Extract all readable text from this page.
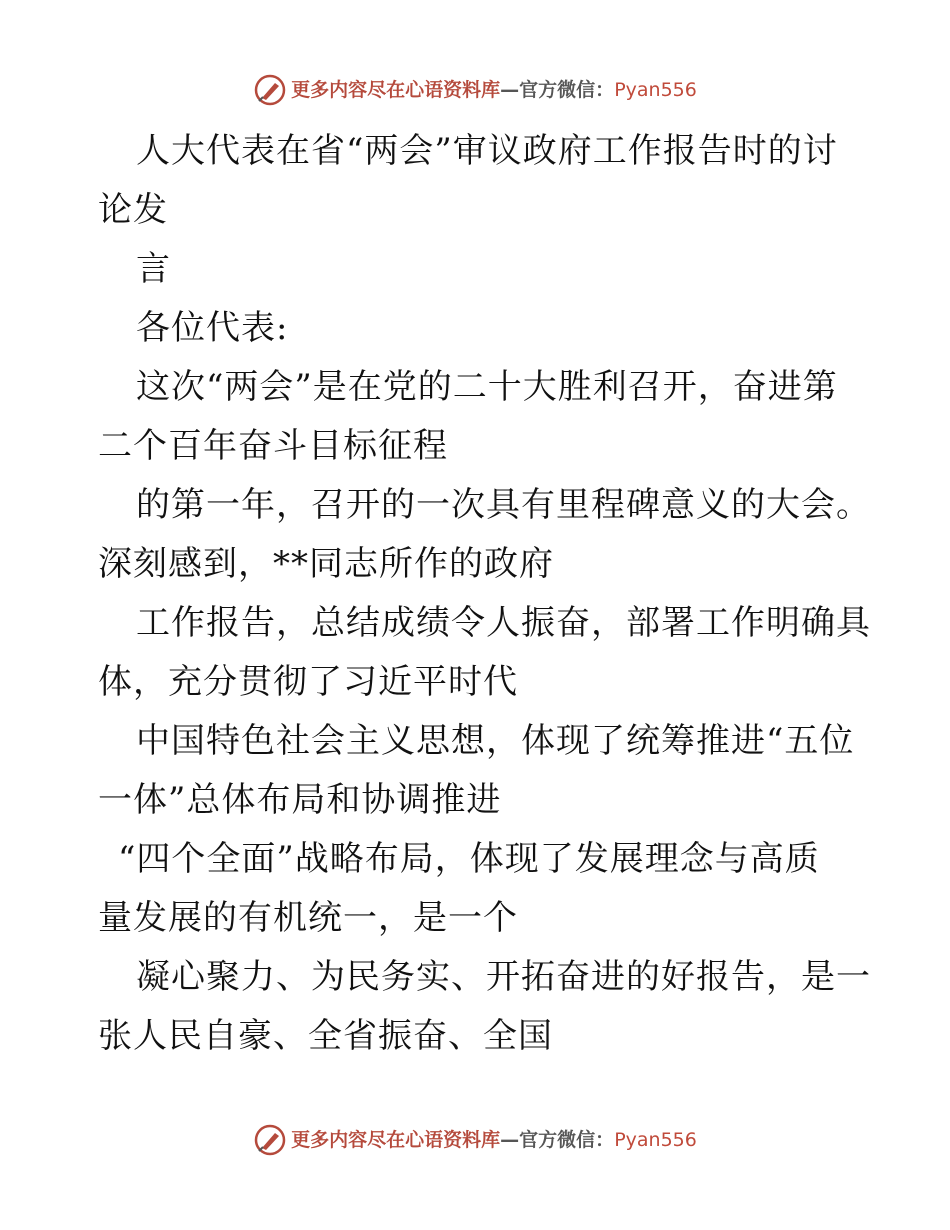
更多内容尽在心语资料库—官方微信：Pyan556
人大代表在省“两会”审议政府工作报告时的讨
论发
言
各位代表:
这次“两会”是在党的二十大胜利召开，奋进第
二个百年奋斗目标征程
的第一年，召开的一次具有里程碑意义的大会。
深刻感到，**同志所作的政府
工作报告，总结成绩令人振奋，部署工作明确具
体，充分贯彻了习近平时代
中国特色社会主义思想，体现了统筹推进“五位
一体”总体布局和协调推进
“四个全面”战略布局，体现了发展理念与高质
量发展的有机统一，是一个
凝心聚力、为民务实、开拓奋进的好报告，是一
张人民自豪、全省振奋、全国
更多内容尽在心语资料库—官方微信：Pyan556
